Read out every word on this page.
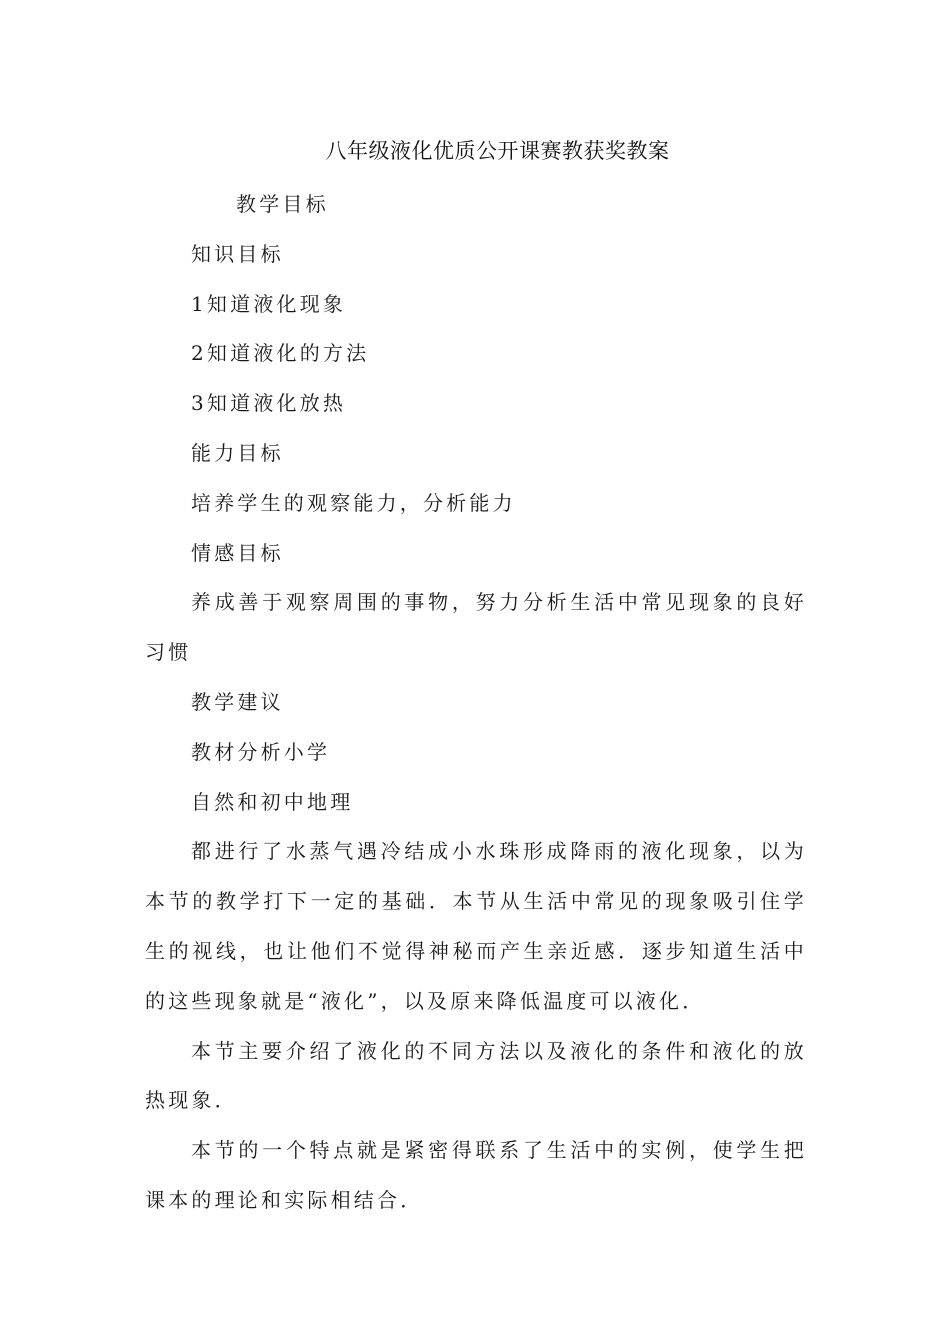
八年级液化优质公开课赛教获奖教案

教学目标

知识目标

1知道液化现象

2知道液化的方法

3知道液化放热

能力目标

培养学生的观察能力，分析能力

情感目标

养成善于观察周围的事物，努力分析生活中常见现象的良好习惯

教学建议

教材分析小学

自然和初中地理

都进行了水蒸气遇冷结成小水珠形成降雨的液化现象，以为本节的教学打下一定的基础．本节从生活中常见的现象吸引住学生的视线，也让他们不觉得神秘而产生亲近感．逐步知道生活中的这些现象就是“液化”，以及原来降低温度可以液化．

本节主要介绍了液化的不同方法以及液化的条件和液化的放热现象．

本节的一个特点就是紧密得联系了生活中的实例，使学生把课本的理论和实际相结合．
